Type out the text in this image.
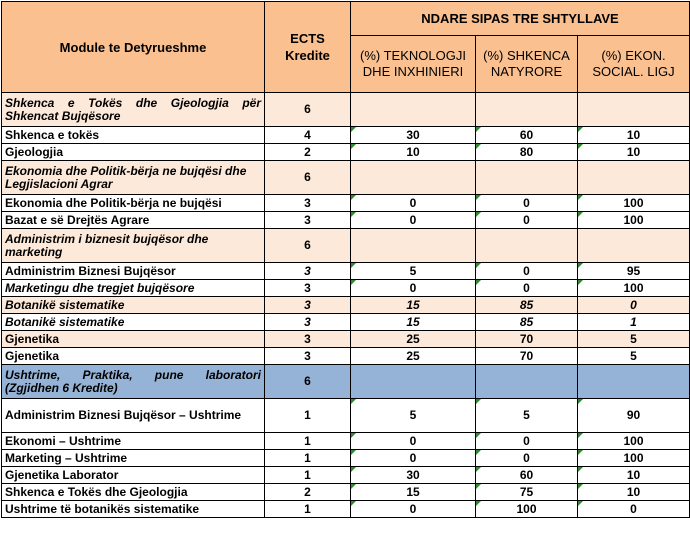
Module te Detyrueshme	ECTS Kredite	NDARE SIPAS TRE SHTYLLAVE		
		(%) TEKNOLOGJI DHE INXHINIERI	(%) SHKENCA NATYRORE	(%) EKON. SOCIAL. LIGJ
Shkenca e Tokës dhe Gjeologjia për Shkencat Bujqësore	6			
Shkenca e tokës	4	30	60	10
Gjeologjia	2	10	80	10
Ekonomia dhe Politik-bërja ne bujqësi dhe Legjislacioni Agrar	6			
Ekonomia dhe Politik-bërja ne bujqësi	3	0	0	100
Bazat e së Drejtës Agrare	3	0	0	100
Administrim i biznesit bujqësor dhe marketing	6			
Administrim Biznesi Bujqësor	3	5	0	95
Marketingu dhe tregjet bujqësore	3	0	0	100
Botanikë sistematike	3	15	85	0
Botanikë sistematike	3	15	85	1
Gjenetika	3	25	70	5
Gjenetika	3	25	70	5
Ushtrime, Praktika, pune laboratori (Zgjidhen 6 Kredite)	6			
Administrim Biznesi Bujqësor – Ushtrime	1	5	5	90
Ekonomi – Ushtrime	1	0	0	100
Marketing – Ushtrime	1	0	0	100
Gjenetika Laborator	1	30	60	10
Shkenca e Tokës dhe Gjeologjia	2	15	75	10
Ushtrime të botanikës sistematike	1	0	100	0
